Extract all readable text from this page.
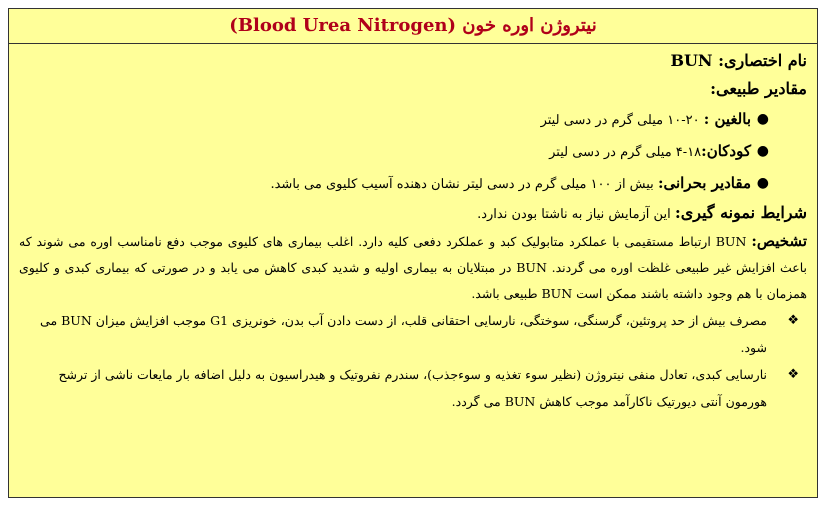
نیتروژن اوره خون (Blood Urea Nitrogen)
نام اختصاری: BUN
مقادیر طبیعی:
●
بالغین : ۲۰-۱۰ میلی گرم در دسی لیتر
●
کودکان:۱۸-۴ میلی گرم در دسی لیتر
●
مقادیر بحرانی: بیش از ۱۰۰ میلی گرم در دسی لیتر نشان دهنده آسیب کلیوی می باشد.
شرایط نمونه گیری: این آزمایش نیاز به ناشتا بودن ندارد.
تشخیص: BUN ارتباط مستقیمی با عملکرد متابولیک کبد و عملکرد دفعی کلیه دارد. اغلب بیماری های کلیوی موجب دفع نامناسب اوره می شوند که باعث افزایش غیر طبیعی غلظت اوره می گردند. BUN در مبتلایان به بیماری اولیه و شدید کبدی کاهش می یابد و در صورتی که بیماری کبدی و کلیوی همزمان با هم وجود داشته باشند ممکن است BUN طبیعی باشد.
❖
مصرف بیش از حد پروتئین، گرسنگی، سوختگی، نارسایی احتقانی قلب، از دست دادن آب بدن، خونریزی G1 موجب افزایش میزان BUN می شود.
❖
نارسایی کبدی، تعادل منفی نیتروژن (نظیر سوء تغذیه و سوءجذب)، سندرم نفروتیک و هیدراسیون به دلیل اضافه بار مایعات ناشی از ترشح هورمون آنتی دیورتیک ناکارآمد موجب کاهش BUN می گردد.
